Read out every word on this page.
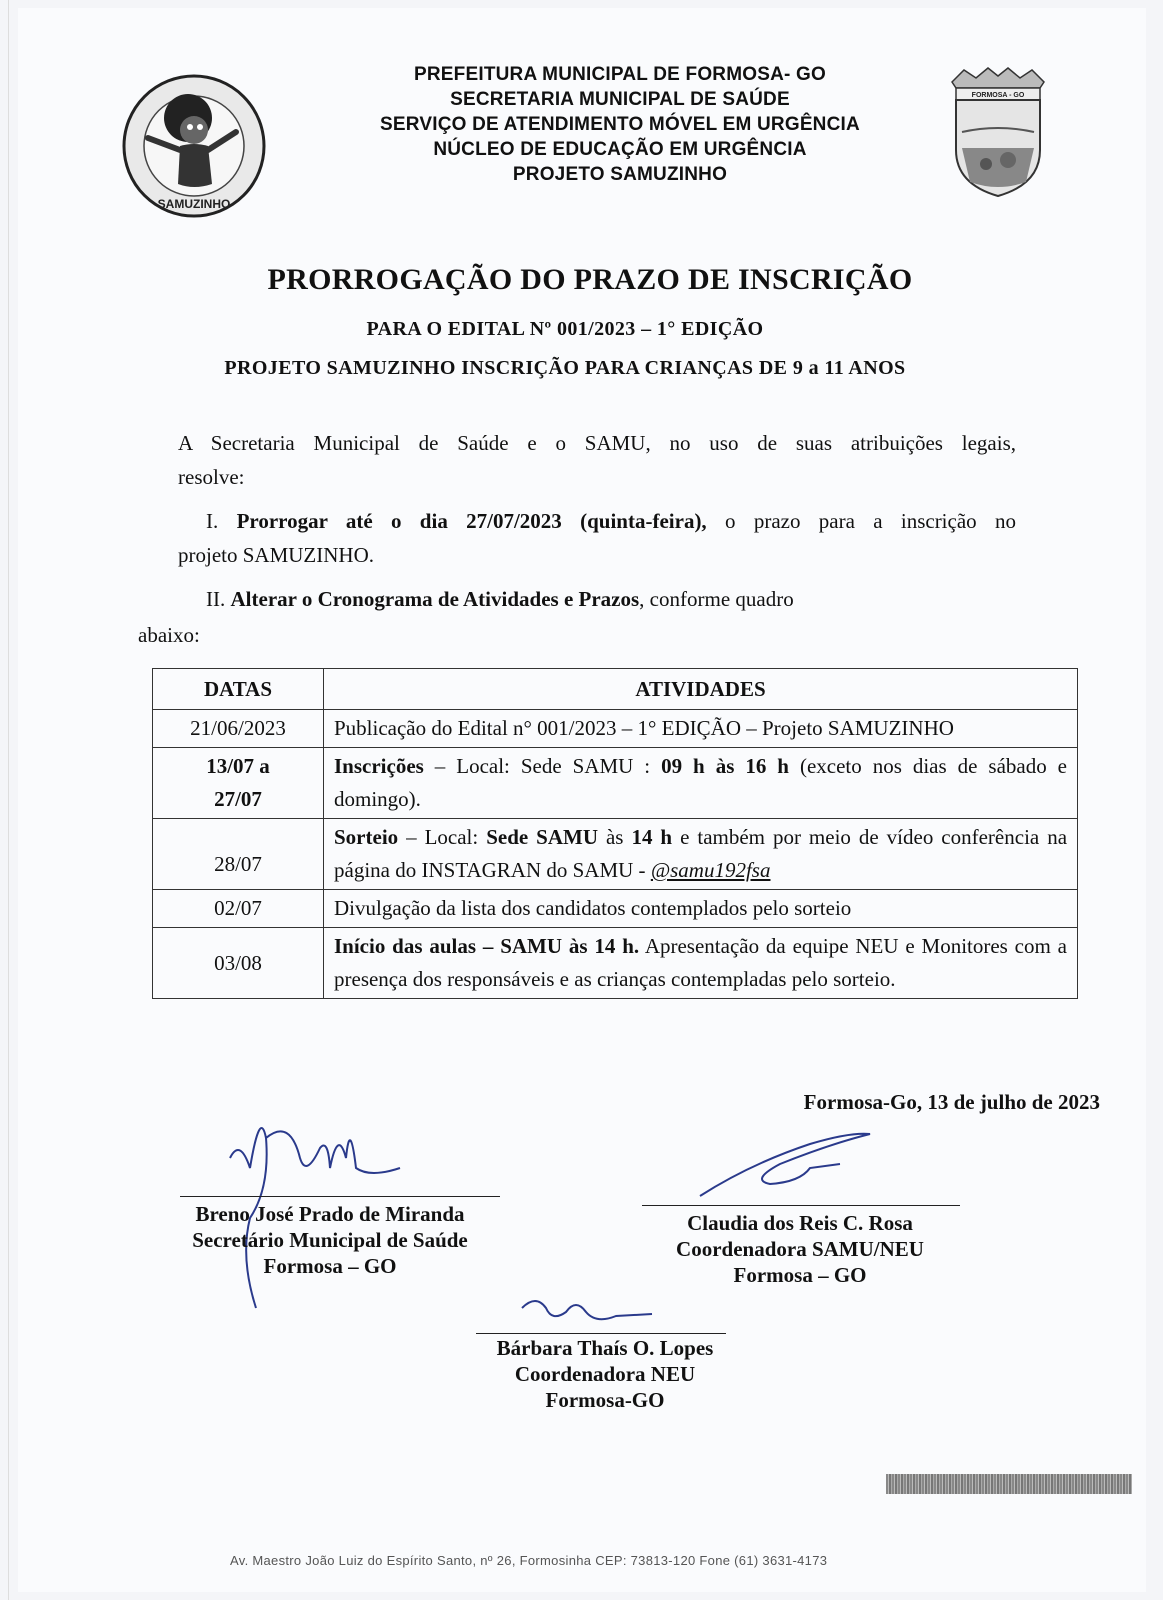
SAMUZINHO
FORMOSA - GO
PREFEITURA MUNICIPAL DE FORMOSA- GO
SECRETARIA MUNICIPAL DE SAÚDE
SERVIÇO DE ATENDIMENTO MÓVEL EM URGÊNCIA
NÚCLEO DE EDUCAÇÃO EM URGÊNCIA
PROJETO SAMUZINHO
PRORROGAÇÃO DO PRAZO DE INSCRIÇÃO
PARA O EDITAL Nº 001/2023 – 1° EDIÇÃO
PROJETO SAMUZINHO INSCRIÇÃO PARA CRIANÇAS DE 9 a 11 ANOS
A Secretaria Municipal de Saúde e o SAMU, no uso de suas atribuições legais,
resolve:
I. Prorrogar até o dia 27/07/2023 (quinta-feira), o prazo para a inscrição no
projeto SAMUZINHO.
II. Alterar o Cronograma de Atividades e Prazos, conforme quadro
abaixo:
DATAS	ATIVIDADES
21/06/2023	Publicação do Edital n° 001/2023 – 1° EDIÇÃO – Projeto SAMUZINHO
13/07 a
27/07	Inscrições – Local: Sede SAMU : 09 h às 16 h (exceto nos dias de sábado e domingo).
28/07	Sorteio – Local: Sede SAMU às 14 h e também por meio de vídeo conferência na página do INSTAGRAN do SAMU - @samu192fsa
02/07	Divulgação da lista dos candidatos contemplados pelo sorteio
03/08	Início das aulas – SAMU às 14 h. Apresentação da equipe NEU e Monitores com a presença dos responsáveis e as crianças contempladas pelo sorteio.
Formosa-Go, 13 de julho de 2023
Breno José Prado de Miranda
Secretário Municipal de Saúde
Formosa – GO
Claudia dos Reis C. Rosa
Coordenadora SAMU/NEU
Formosa – GO
Bárbara Thaís O. Lopes
Coordenadora NEU
Formosa-GO
Av. Maestro João Luiz do Espírito Santo, nº 26, Formosinha CEP: 73813-120 Fone (61) 3631-4173
